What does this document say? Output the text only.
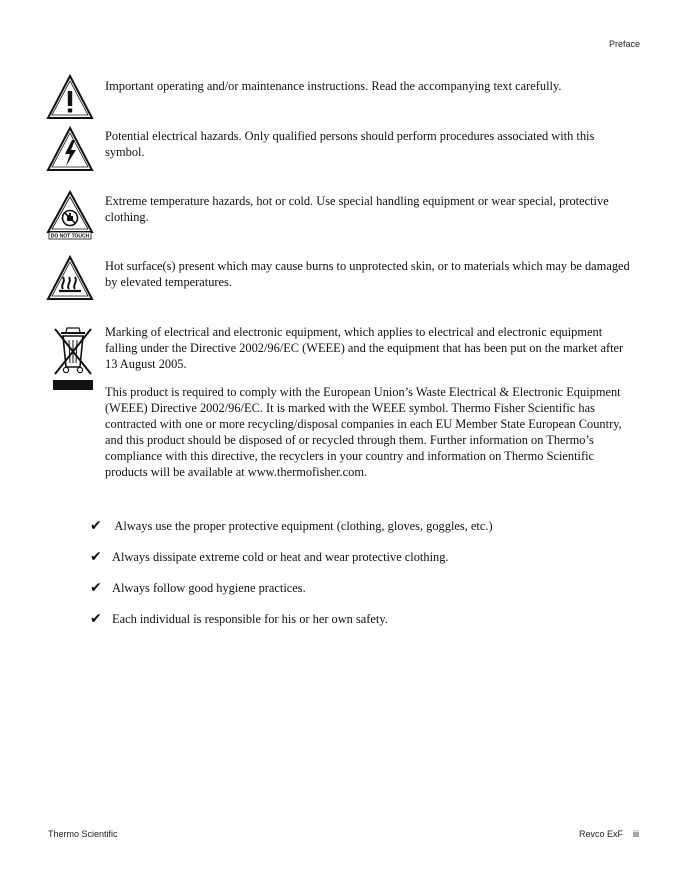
Preface
Important operating and/or maintenance instructions. Read the accompanying text carefully.
Potential electrical hazards. Only qualified persons should perform procedures associated with this symbol.
DO NOT TOUCH
Extreme temperature hazards, hot or cold. Use special handling equipment or wear special, protective clothing.
Hot surface(s) present which may cause burns to unprotected skin, or to materials which may be damaged by elevated temperatures.
Marking of electrical and electronic equipment, which applies to electrical and electronic equipment falling under the Directive 2002/96/EC (WEEE) and the equipment that has been put on the market after 13 August 2005.
This product is required to comply with the European Union’s Waste Electrical & Electronic Equipment (WEEE) Directive 2002/96/EC. It is marked with the WEEE symbol. Thermo Fisher Scientific has contracted with one or more recycling/disposal companies in each EU Member State European Country, and this product should be disposed of or recycled through them. Further information on Thermo’s compliance with this directive, the recyclers in your country and information on Thermo Scientific products will be available at www.thermofisher.com.
✔ Always use the proper protective equipment (clothing, gloves, goggles, etc.)
✔ Always dissipate extreme cold or heat and wear protective clothing.
✔ Always follow good hygiene practices.
✔ Each individual is responsible for his or her own safety.
Thermo Scientific	Revco ExF iii
